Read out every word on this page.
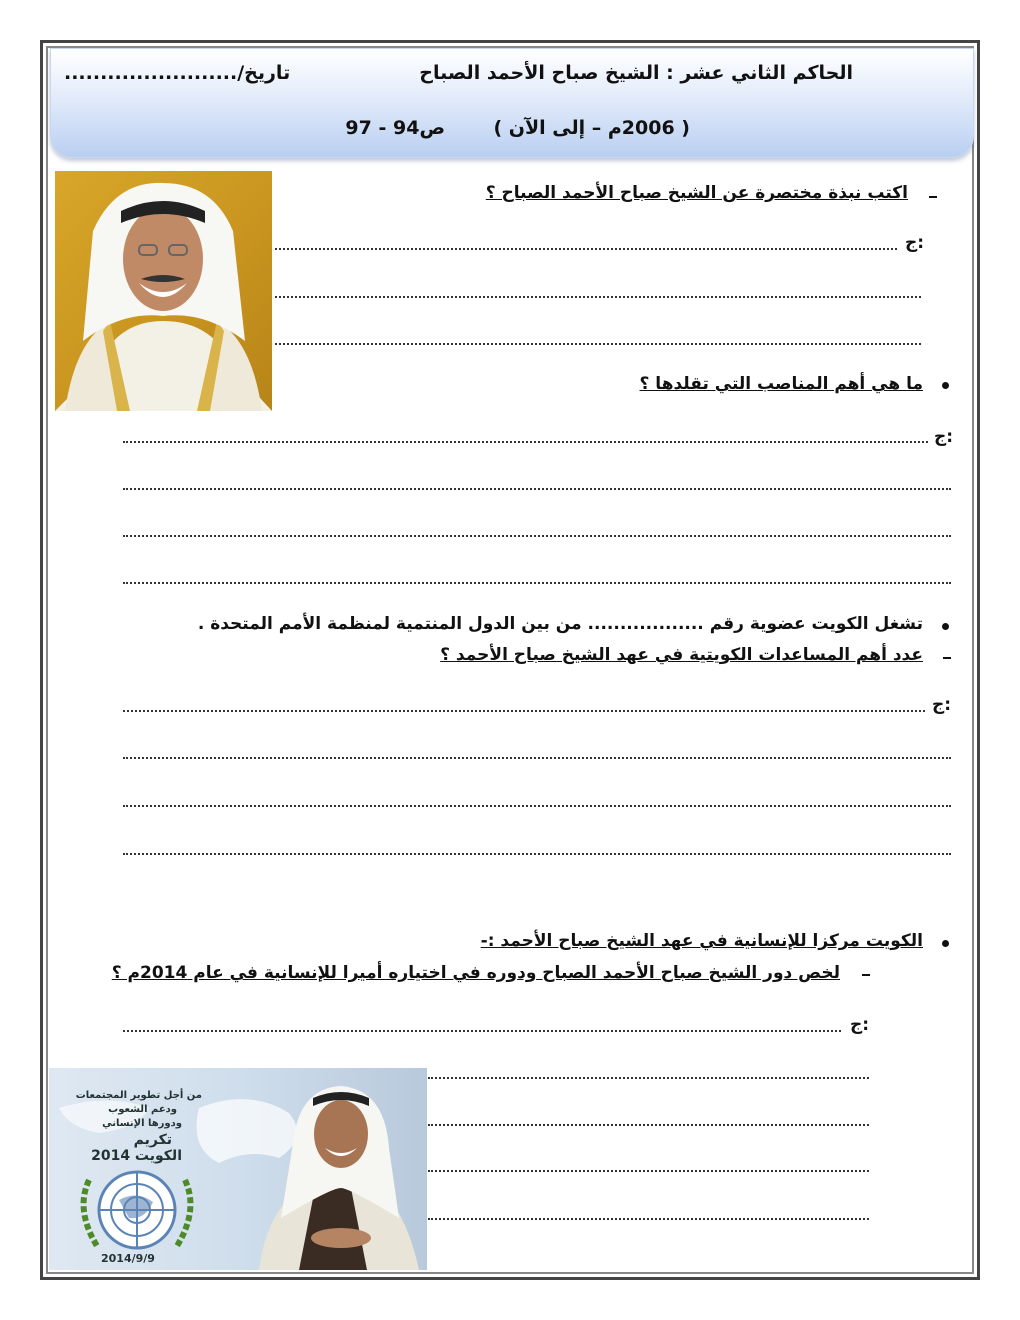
الحاكم الثاني عشر : الشيخ صباح الأحمد الصباح
تاريخ/........................
( 2006م – إلى الآن )
ص94 - 97
اكتب نبذة مختصرة عن الشيخ صباح الأحمد الصباح ؟
ج:
ما هي أهم المناصب التي تقلدها ؟
ج:
تشغل الكويت عضوية رقم .................. من بين الدول المنتمية لمنظمة الأمم المتحدة .
عدد أهم المساعدات الكويتية في عهد الشيخ صباح الأحمد ؟
ج:
الكويت مركزا للإنسانية في عهد الشيخ صباح الأحمد :-
لخص دور الشيخ صباح الأحمد الصباح ودوره في اختياره أميرا للإنسانية في عام 2014م ؟
ج:
من أجل تطوير المجتمعات
ودعم الشعوب
ودورها الإنساني
تكريم
الكويت 2014
2014/9/9
